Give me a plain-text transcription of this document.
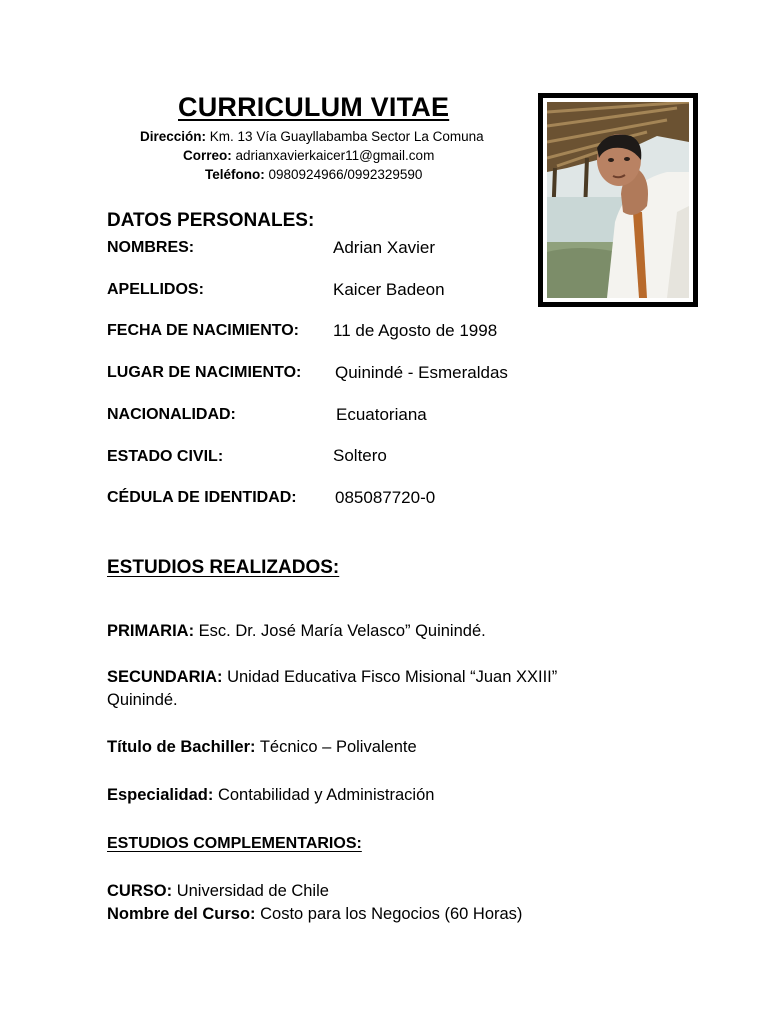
CURRICULUM VITAE
Dirección: Km. 13 Vía Guayllabamba Sector La Comuna
Correo: adrianxavierkaicer11@gmail.com
Teléfono: 0980924966/0992329590
DATOS PERSONALES:
NOMBRES:	Adrian Xavier
APELLIDOS:	Kaicer Badeon
FECHA DE NACIMIENTO: 11 de Agosto de 1998
LUGAR DE NACIMIENTO: Quinindé - Esmeraldas
NACIONALIDAD:	Ecuatoriana
ESTADO CIVIL:	Soltero
CÉDULA DE IDENTIDAD: 085087720-0
ESTUDIOS REALIZADOS:
PRIMARIA: Esc. Dr. José María Velasco” Quinindé.
SECUNDARIA: Unidad Educativa Fisco Misional “Juan XXIII”
Quinindé.
Título de Bachiller: Técnico – Polivalente
Especialidad: Contabilidad y Administración
ESTUDIOS COMPLEMENTARIOS:
CURSO: Universidad de Chile
Nombre del Curso: Costo para los Negocios (60 Horas)
